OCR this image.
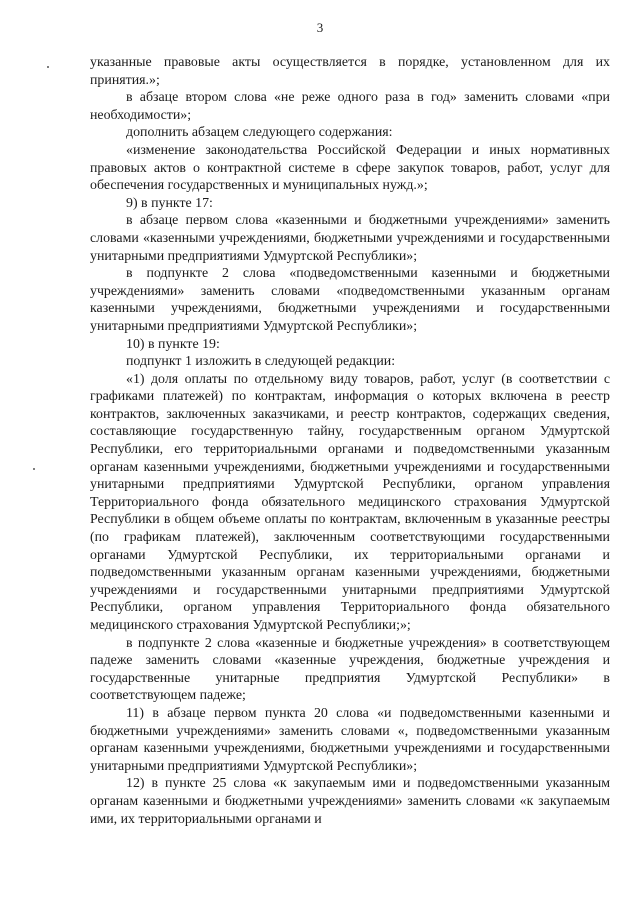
3

указанные правовые акты осуществляется в порядке, установленном для их принятия.»;

в абзаце втором слова «не реже одного раза в год» заменить словами «при необходимости»;

дополнить абзацем следующего содержания:

«изменение законодательства Российской Федерации и иных нормативных правовых актов о контрактной системе в сфере закупок товаров, работ, услуг для обеспечения государственных и муниципальных нужд.»;

9) в пункте 17:

в абзаце первом слова «казенными и бюджетными учреждениями» заменить словами «казенными учреждениями, бюджетными учреждениями и государственными унитарными предприятиями Удмуртской Республики»;

в подпункте 2 слова «подведомственными казенными и бюджетными учреждениями» заменить словами «подведомственными указанным органам казенными учреждениями, бюджетными учреждениями и государственными унитарными предприятиями Удмуртской Республики»;

10) в пункте 19:

подпункт 1 изложить в следующей редакции:

«1) доля оплаты по отдельному виду товаров, работ, услуг (в соответствии с графиками платежей) по контрактам, информация о которых включена в реестр контрактов, заключенных заказчиками, и реестр контрактов, содержащих сведения, составляющие государственную тайну, государственным органом Удмуртской Республики, его территориальными органами и подведомственными указанным органам казенными учреждениями, бюджетными учреждениями и государственными унитарными предприятиями Удмуртской Республики, органом управления Территориального фонда обязательного медицинского страхования Удмуртской Республики в общем объеме оплаты по контрактам, включенным в указанные реестры (по графикам платежей), заключенным соответствующими государственными органами Удмуртской Республики, их территориальными органами и подведомственными указанным органам казенными учреждениями, бюджетными учреждениями и государственными унитарными предприятиями Удмуртской Республики, органом управления Территориального фонда обязательного медицинского страхования Удмуртской Республики;»;

в подпункте 2 слова «казенные и бюджетные учреждения» в соответствующем падеже заменить словами «казенные учреждения, бюджетные учреждения и государственные унитарные предприятия Удмуртской Республики» в соответствующем падеже;

11) в абзаце первом пункта 20 слова «и подведомственными казенными и бюджетными учреждениями» заменить словами «, подведомственными указанным органам казенными учреждениями, бюджетными учреждениями и государственными унитарными предприятиями Удмуртской Республики»;

12) в пункте 25 слова «к закупаемым ими и подведомственными указанным органам казенными и бюджетными учреждениями» заменить словами «к закупаемым ими, их территориальными органами и
